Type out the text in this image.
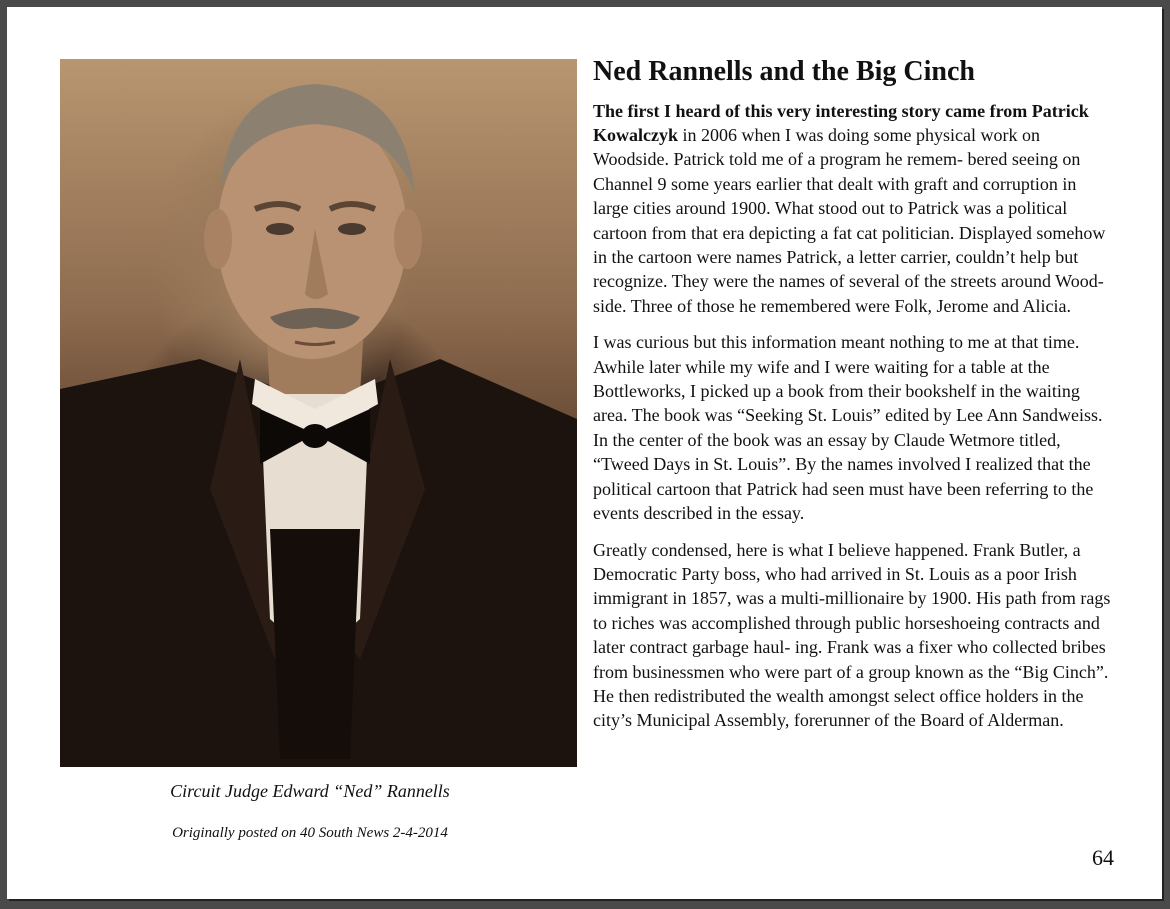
Circuit Judge Edward “Ned” Rannells
Originally posted on 40 South News 2-4-2014
Ned Rannells and the Big Cinch

The first I heard of this very interesting story came from Patrick Kowalczyk in 2006 when I was doing some physical work on Woodside. Patrick told me of a program he remem- bered seeing on Channel 9 some years earlier that dealt with graft and corruption in large cities around 1900. What stood out to Patrick was a political cartoon from that era depicting a fat cat politician. Displayed somehow in the cartoon were names Patrick, a letter carrier, couldn’t help but recognize. They were the names of several of the streets around Wood- side. Three of those he remembered were Folk, Jerome and Alicia.

I was curious but this information meant nothing to me at that time. Awhile later while my wife and I were waiting for a table at the Bottleworks, I picked up a book from their bookshelf in the waiting area. The book was “Seeking St. Louis” edited by Lee Ann Sandweiss. In the center of the book was an essay by Claude Wetmore titled, “Tweed Days in St. Louis”. By the names involved I realized that the political cartoon that Patrick had seen must have been referring to the events described in the essay.

Greatly condensed, here is what I believe happened. Frank Butler, a Democratic Party boss, who had arrived in St. Louis as a poor Irish immigrant in 1857, was a multi-millionaire by 1900. His path from rags to riches was accomplished through public horseshoeing contracts and later contract garbage haul- ing. Frank was a fixer who collected bribes from businessmen who were part of a group known as the “Big Cinch”. He then redistributed the wealth amongst select office holders in the city’s Municipal Assembly, forerunner of the Board of Alderman.

64
